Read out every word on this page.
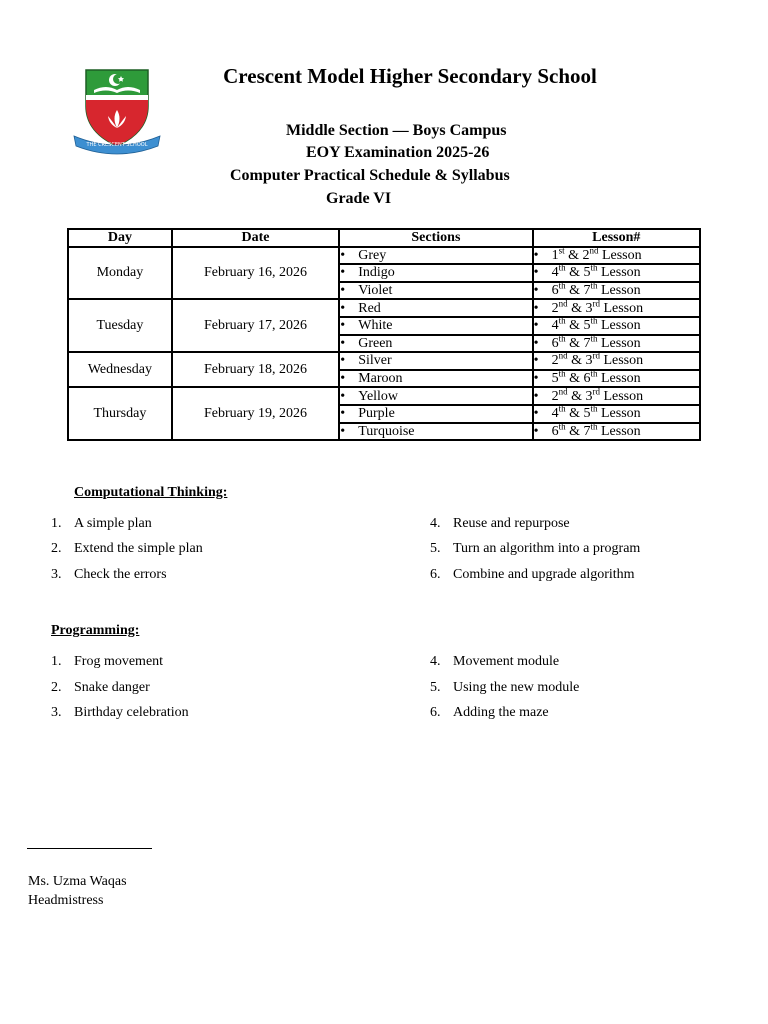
THE CRESCENT SCHOOL
Crescent Model Higher Secondary School
Middle Section — Boys Campus
EOY Examination 2025-26
Computer Practical Schedule & Syllabus
Grade VI
Day	Date	Sections	Lesson#
Monday	February 16, 2026	• Grey	• 1st & 2nd Lesson
		• Indigo	• 4th & 5th Lesson
		• Violet	• 6th & 7th Lesson
Tuesday	February 17, 2026	• Red	• 2nd & 3rd Lesson
		• White	• 4th & 5th Lesson
		• Green	• 6th & 7th Lesson
Wednesday	February 18, 2026	• Silver	• 2nd & 3rd Lesson
		• Maroon	• 5th & 6th Lesson
Thursday	February 19, 2026	• Yellow	• 2nd & 3rd Lesson
		• Purple	• 4th & 5th Lesson
		• Turquoise	• 6th & 7th Lesson
Computational Thinking:
1. A simple plan
2. Extend the simple plan
3. Check the errors
4. Reuse and repurpose
5. Turn an algorithm into a program
6. Combine and upgrade algorithm
Programming:
1. Frog movement
2. Snake danger
3. Birthday celebration
4. Movement module
5. Using the new module
6. Adding the maze
Ms. Uzma Waqas
Headmistress
